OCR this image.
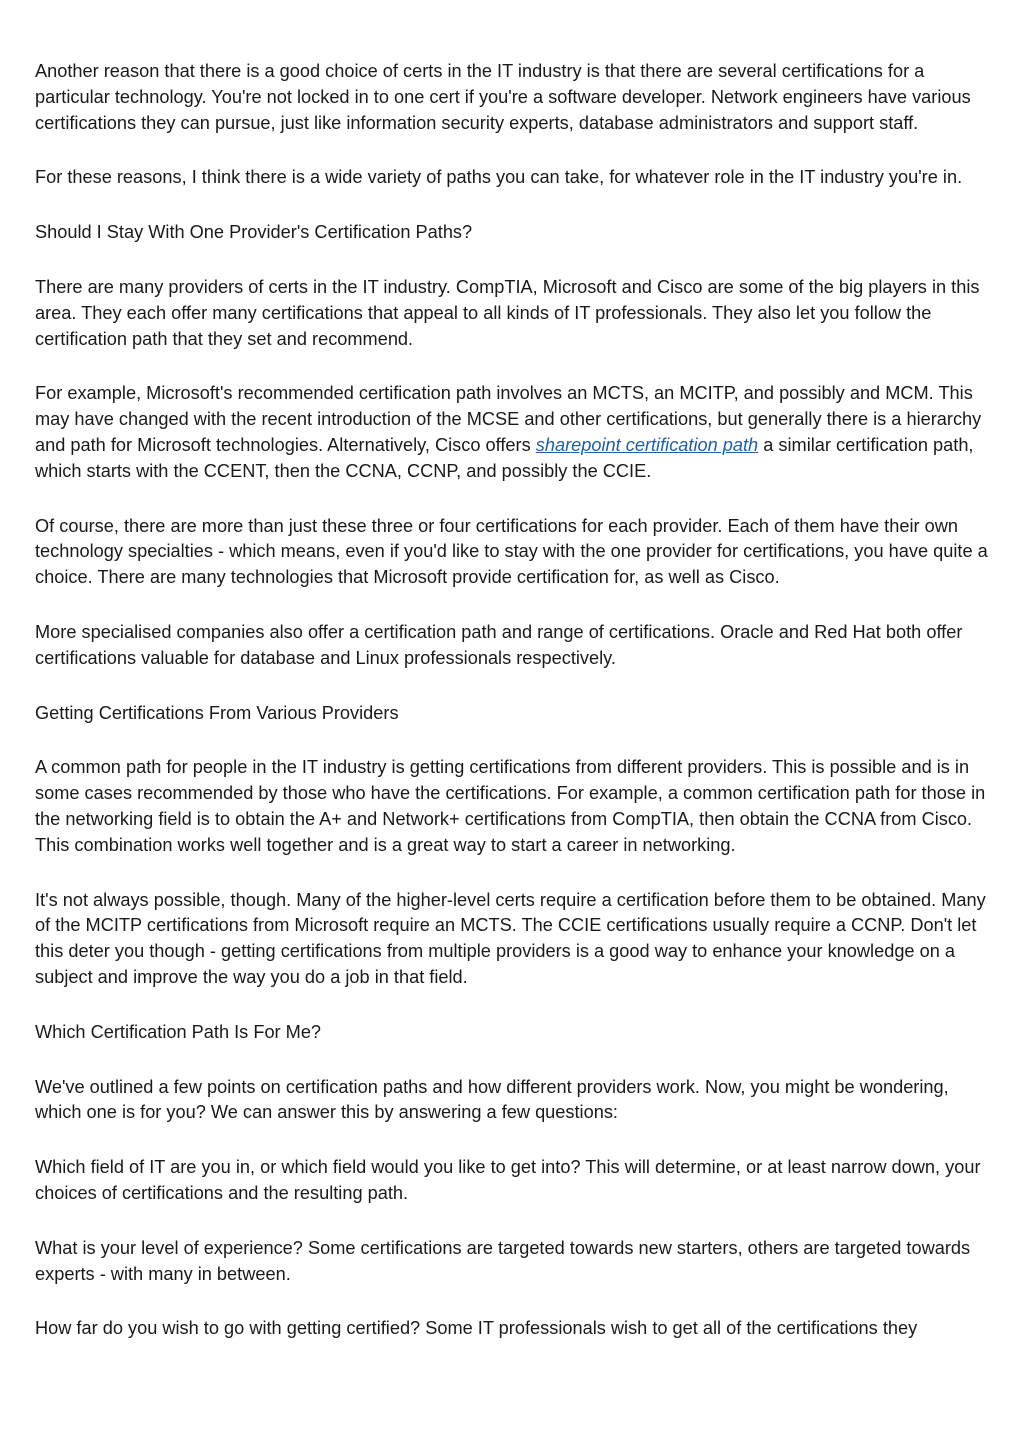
Another reason that there is a good choice of certs in the IT industry is that there are several certifications for a particular technology. You're not locked in to one cert if you're a software developer. Network engineers have various certifications they can pursue, just like information security experts, database administrators and support staff.

For these reasons, I think there is a wide variety of paths you can take, for whatever role in the IT industry you're in.

Should I Stay With One Provider's Certification Paths?

There are many providers of certs in the IT industry. CompTIA, Microsoft and Cisco are some of the big players in this area. They each offer many certifications that appeal to all kinds of IT professionals. They also let you follow the certification path that they set and recommend.

For example, Microsoft's recommended certification path involves an MCTS, an MCITP, and possibly and MCM. This may have changed with the recent introduction of the MCSE and other certifications, but generally there is a hierarchy and path for Microsoft technologies. Alternatively, Cisco offers sharepoint certification path a similar certification path, which starts with the CCENT, then the CCNA, CCNP, and possibly the CCIE.

Of course, there are more than just these three or four certifications for each provider. Each of them have their own technology specialties - which means, even if you'd like to stay with the one provider for certifications, you have quite a choice. There are many technologies that Microsoft provide certification for, as well as Cisco.

More specialised companies also offer a certification path and range of certifications. Oracle and Red Hat both offer certifications valuable for database and Linux professionals respectively.

Getting Certifications From Various Providers

A common path for people in the IT industry is getting certifications from different providers. This is possible and is in some cases recommended by those who have the certifications. For example, a common certification path for those in the networking field is to obtain the A+ and Network+ certifications from CompTIA, then obtain the CCNA from Cisco. This combination works well together and is a great way to start a career in networking.

It's not always possible, though. Many of the higher-level certs require a certification before them to be obtained. Many of the MCITP certifications from Microsoft require an MCTS. The CCIE certifications usually require a CCNP. Don't let this deter you though - getting certifications from multiple providers is a good way to enhance your knowledge on a subject and improve the way you do a job in that field.

Which Certification Path Is For Me?

We've outlined a few points on certification paths and how different providers work. Now, you might be wondering, which one is for you? We can answer this by answering a few questions:

Which field of IT are you in, or which field would you like to get into? This will determine, or at least narrow down, your choices of certifications and the resulting path.

What is your level of experience? Some certifications are targeted towards new starters, others are targeted towards experts - with many in between.

How far do you wish to go with getting certified? Some IT professionals wish to get all of the certifications they
